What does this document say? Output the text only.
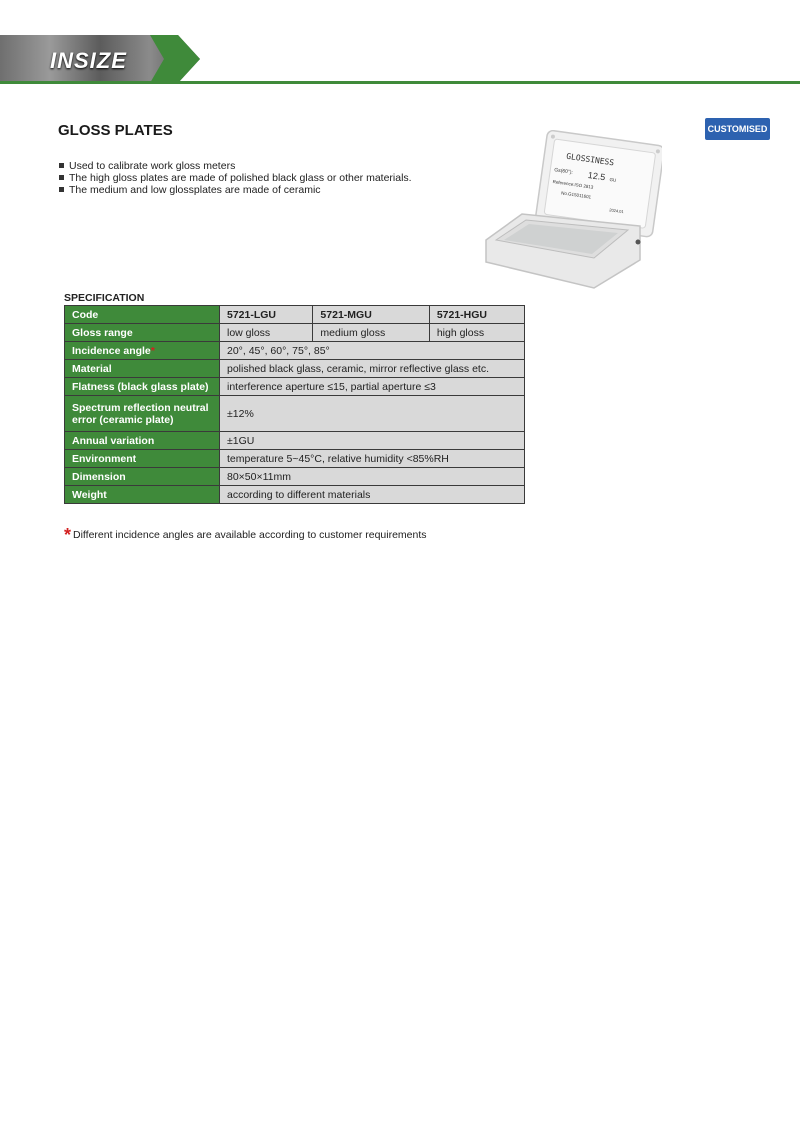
INSIZE
GLOSS PLATES	CUSTOMISED
Used to calibrate work gloss meters
The high gloss plates are made of polished black glass or other materials.
The medium and low glossplates are made of ceramic
GLOSSINESS
Gs(60°): 12.5 GU
Reference:ISO 2813
No.G15011601
2024.01
SPECIFICATION
Code	5721-LGU	5721-MGU	5721-HGU
Gloss range	low gloss	medium gloss	high gloss
Incidence angle*	20°, 45°, 60°, 75°, 85°		
Material	polished black glass, ceramic, mirror reflective glass etc.		
Flatness (black glass plate)	interference aperture ≤15, partial aperture ≤3		
Spectrum reflection neutral
error (ceramic plate)	±12%		
Annual variation	±1GU		
Environment	temperature 5~45°C, relative humidity <85%RH		
Dimension	80×50×11mm		
Weight	according to different materials		
* Different incidence angles are available according to customer requirements
